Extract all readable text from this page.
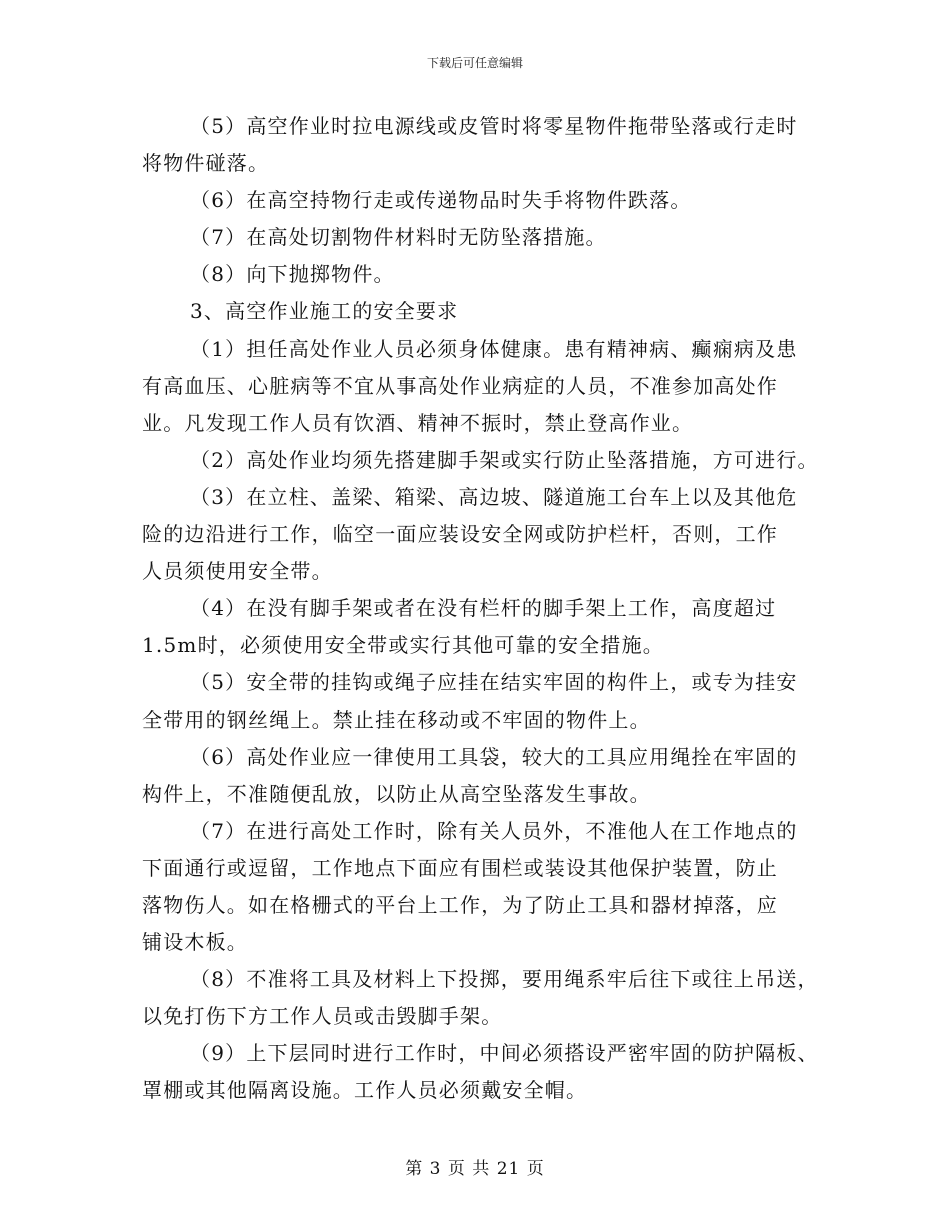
下载后可任意编辑
（5）高空作业时拉电源线或皮管时将零星物件拖带坠落或行走时
将物件碰落。
（6）在高空持物行走或传递物品时失手将物件跌落。
（7）在高处切割物件材料时无防坠落措施。
（8）向下抛掷物件。
3、高空作业施工的安全要求
（1）担任高处作业人员必须身体健康。患有精神病、癫痫病及患
有高血压、心脏病等不宜从事高处作业病症的人员，不准参加高处作
业。凡发现工作人员有饮酒、精神不振时，禁止登高作业。
（2）高处作业均须先搭建脚手架或实行防止坠落措施，方可进行。
（3）在立柱、盖梁、箱梁、高边坡、隧道施工台车上以及其他危
险的边沿进行工作，临空一面应装设安全网或防护栏杆，否则，工作
人员须使用安全带。
（4）在没有脚手架或者在没有栏杆的脚手架上工作，高度超过
1.5m时，必须使用安全带或实行其他可靠的安全措施。
（5）安全带的挂钩或绳子应挂在结实牢固的构件上，或专为挂安
全带用的钢丝绳上。禁止挂在移动或不牢固的物件上。
（6）高处作业应一律使用工具袋，较大的工具应用绳拴在牢固的
构件上，不准随便乱放，以防止从高空坠落发生事故。
（7）在进行高处工作时，除有关人员外，不准他人在工作地点的
下面通行或逗留，工作地点下面应有围栏或装设其他保护装置，防止
落物伤人。如在格栅式的平台上工作，为了防止工具和器材掉落，应
铺设木板。
（8）不准将工具及材料上下投掷，要用绳系牢后往下或往上吊送，
以免打伤下方工作人员或击毁脚手架。
（9）上下层同时进行工作时，中间必须搭设严密牢固的防护隔板、
罩棚或其他隔离设施。工作人员必须戴安全帽。
第 3 页 共 21 页
